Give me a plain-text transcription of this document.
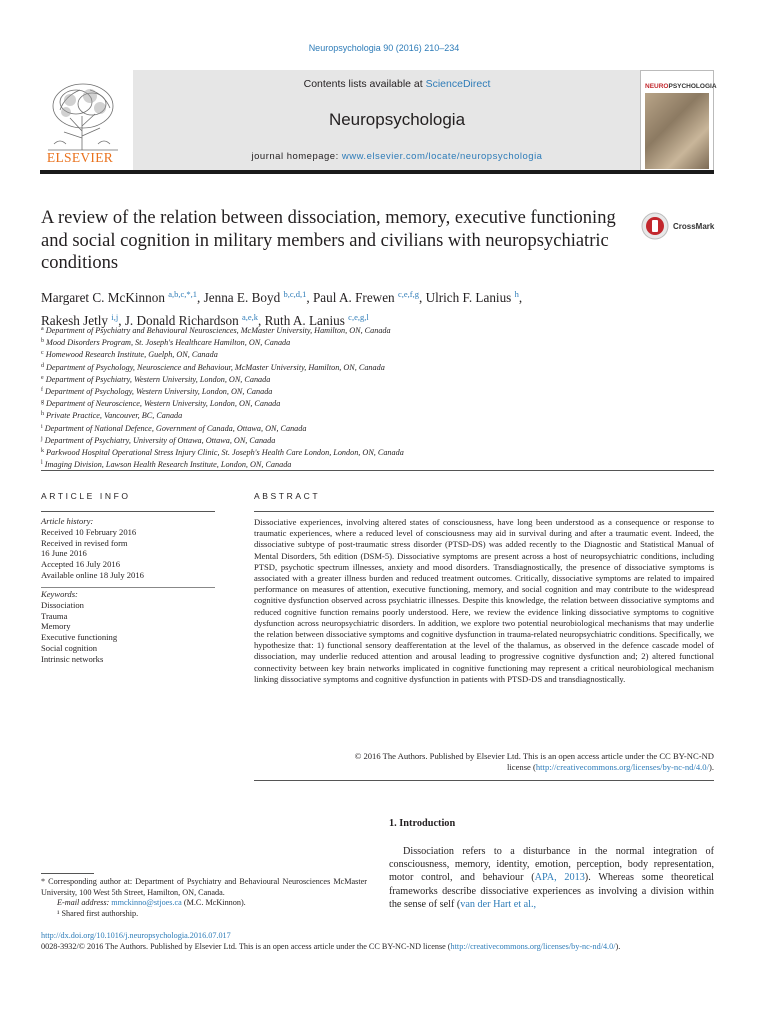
Neuropsychologia 90 (2016) 210–234
ELSEVIER
Contents lists available at ScienceDirect
Neuropsychologia
journal homepage: www.elsevier.com/locate/neuropsychologia
NEUROPSYCHOLOGIA
A review of the relation between dissociation, memory, executive functioning and social cognition in military members and civilians with neuropsychiatric conditions
CrossMark
Margaret C. McKinnon $^{a,b,c,*,1}$, Jenna E. Boyd $^{b,c,d,1}$, Paul A. Frewen $^{c,e,f,g}$, Ulrich F. Lanius $^h$,
Rakesh Jetly $^{i,j}$, J. Donald Richardson $^{a,e,k}$, Ruth A. Lanius $^{c,e,g,l}$
$^a$ Department of Psychiatry and Behavioural Neurosciences, McMaster University, Hamilton, ON, Canada
$^b$ Mood Disorders Program, St. Joseph's Healthcare Hamilton, ON, Canada
$^c$ Homewood Research Institute, Guelph, ON, Canada
$^d$ Department of Psychology, Neuroscience and Behaviour, McMaster University, Hamilton, ON, Canada
$^e$ Department of Psychiatry, Western University, London, ON, Canada
$^f$ Department of Psychology, Western University, London, ON, Canada
$^g$ Department of Neuroscience, Western University, London, ON, Canada
$^h$ Private Practice, Vancouver, BC, Canada
$^i$ Department of National Defence, Government of Canada, Ottawa, ON, Canada
$^j$ Department of Psychiatry, University of Ottawa, Ottawa, ON, Canada
$^k$ Parkwood Hospital Operational Stress Injury Clinic, St. Joseph's Health Care London, London, ON, Canada
$^l$ Imaging Division, Lawson Health Research Institute, London, ON, Canada
ARTICLE INFO	ABSTRACT
Article history:
Received 10 February 2016
Received in revised form
16 June 2016
Accepted 16 July 2016
Available online 18 July 2016
Keywords:
Dissociation
Trauma
Memory
Executive functioning
Social cognition
Intrinsic networks

Dissociative experiences, involving altered states of consciousness, have long been understood as a consequence or response to traumatic experiences, where a reduced level of consciousness may aid in survival during and after a traumatic event. Indeed, the dissociative subtype of post-traumatic stress disorder (PTSD-DS) was added recently to the Diagnostic and Statistical Manual of Mental Disorders, 5th edition (DSM-5). Dissociative symptoms are present across a host of neuropsychiatric conditions, including PTSD, psychotic spectrum illnesses, anxiety and mood disorders. Transdiagnostically, the presence of dissociative symptoms is associated with a greater illness burden and reduced treatment outcomes. Critically, dissociative symptoms are related to impaired performance on measures of attention, executive functioning, memory, and social cognition and may contribute to the widespread cognitive dysfunction observed across psychiatric illnesses. Despite this knowledge, the relation between dissociative symptoms and reduced cognitive function remains poorly understood. Here, we review the evidence linking dissociative symptoms to cognitive dysfunction across neuropsychiatric disorders. In addition, we explore two potential neurobiological mechanisms that may underlie the relation between dissociative symptoms and cognitive dysfunction in trauma-related neuropsychiatric conditions. Specifically, we hypothesize that: 1) functional sensory deafferentation at the level of the thalamus, as observed in the defence cascade model of dissociation, may underlie reduced attention and arousal leading to progressive cognitive dysfunction and; 2) altered functional connectivity between key brain networks implicated in cognitive functioning may represent a critical neurobiological mechanism linking dissociative symptoms and cognitive dysfunction in patients with PTSD-DS and transdiagnostically.

© 2016 The Authors. Published by Elsevier Ltd. This is an open access article under the CC BY-NC-ND
license (http://creativecommons.org/licenses/by-nc-nd/4.0/).
1. Introduction

Dissociation refers to a disturbance in the normal integration of consciousness, memory, identity, emotion, perception, body representation, motor control, and behaviour (APA, 2013). Whereas some theoretical frameworks describe dissociative experiences as involving a division within the sense of self (van der Hart et al.,

* Corresponding author at: Department of Psychiatry and Behavioural Neurosciences McMaster University, 100 West 5th Street, Hamilton, ON, Canada.

E-mail address: mmckinno@stjoes.ca (M.C. McKinnon).

¹ Shared first authorship.

http://dx.doi.org/10.1016/j.neuropsychologia.2016.07.017
0028-3932/© 2016 The Authors. Published by Elsevier Ltd. This is an open access article under the CC BY-NC-ND license (http://creativecommons.org/licenses/by-nc-nd/4.0/).
